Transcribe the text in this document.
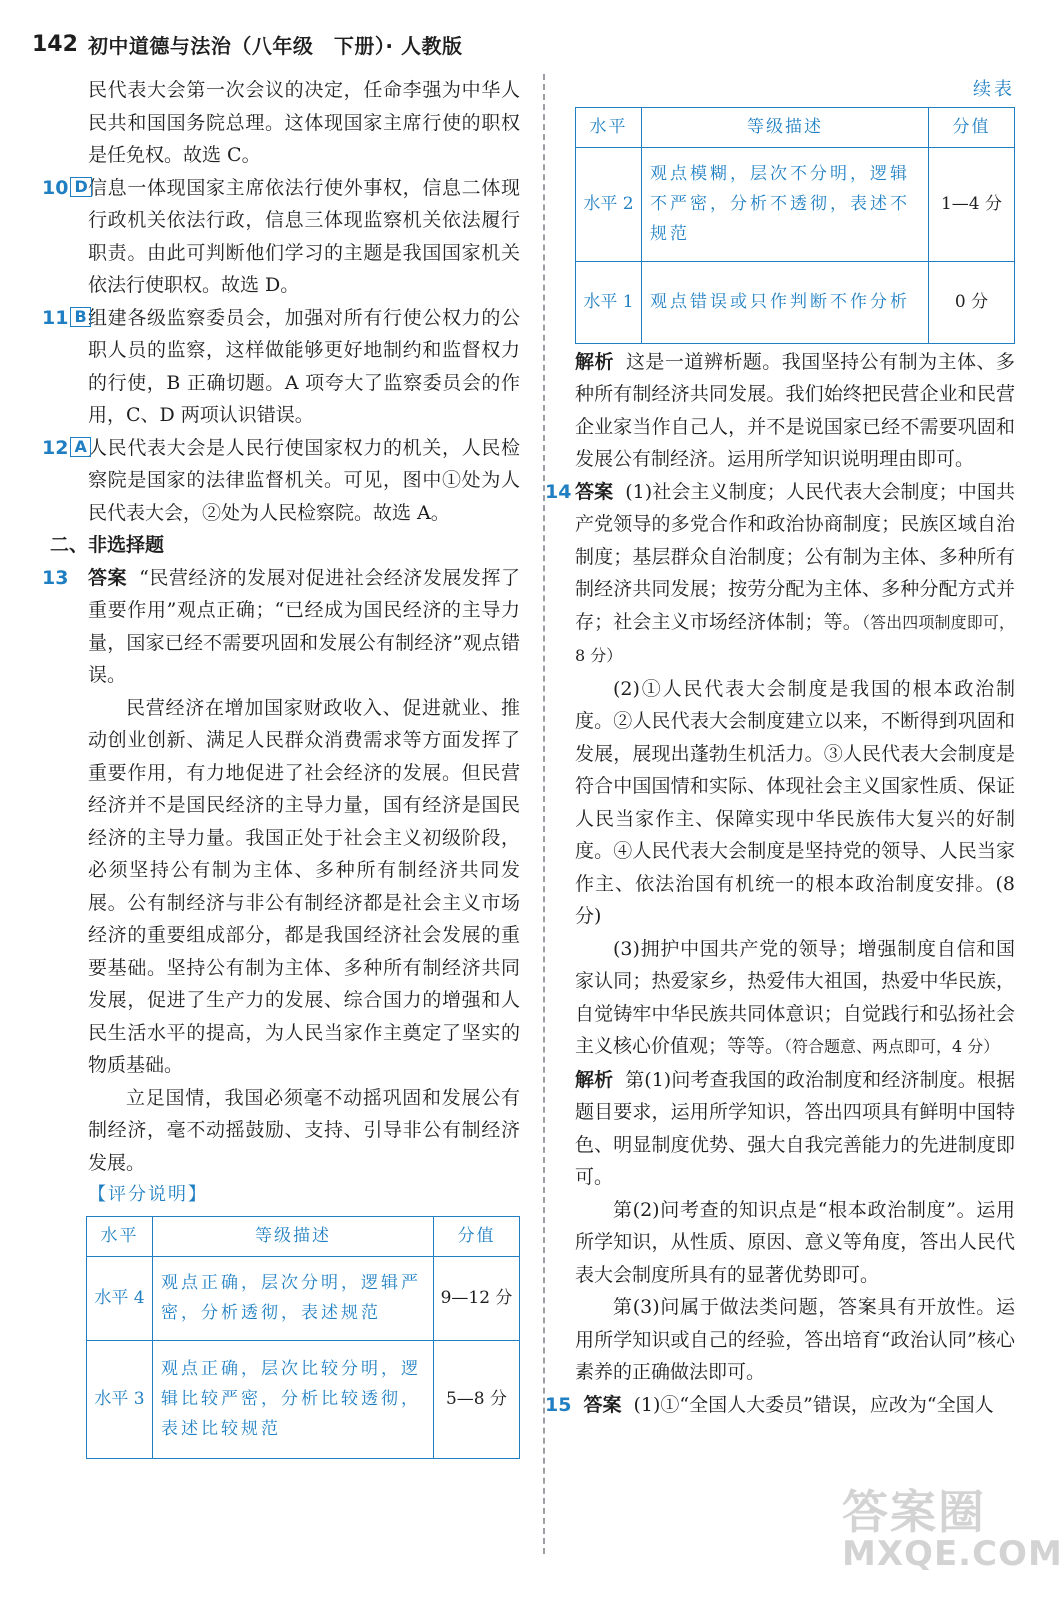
142 初中道德与法治（八年级　下册）· 人教版

民代表大会第一次会议的决定，任命李强为中华人民共和国国务院总理。这体现国家主席行使的职权是任免权。故选 C。

10 D 信息一体现国家主席依法行使外事权，信息二体现行政机关依法行政，信息三体现监察机关依法履行职责。由此可判断他们学习的主题是我国国家机关依法行使职权。故选 D。
11 B 组建各级监察委员会，加强对所有行使公权力的公职人员的监察，这样做能够更好地制约和监督权力的行使，B 正确切题。A 项夸大了监察委员会的作用，C、D 两项认识错误。
12 A 人民代表大会是人民行使国家权力的机关，人民检察院是国家的法律监督机关。可见，图中①处为人民代表大会，②处为人民检察院。故选 A。
二、非选择题
13 答案 “民营经济的发展对促进社会经济发展发挥了重要作用”观点正确；“已经成为国民经济的主导力量，国家已经不需要巩固和发展公有制经济”观点错误。

民营经济在增加国家财政收入、促进就业、推动创业创新、满足人民群众消费需求等方面发挥了重要作用，有力地促进了社会经济的发展。但民营经济并不是国民经济的主导力量，国有经济是国民经济的主导力量。我国正处于社会主义初级阶段，必须坚持公有制为主体、多种所有制经济共同发展。公有制经济与非公有制经济都是社会主义市场经济的重要组成部分，都是我国经济社会发展的重要基础。坚持公有制为主体、多种所有制经济共同发展，促进了生产力的发展、综合国力的增强和人民生活水平的提高，为人民当家作主奠定了坚实的物质基础。

立足国情，我国必须毫不动摇巩固和发展公有制经济，毫不动摇鼓励、支持、引导非公有制经济发展。

【评分说明】
水平	等级描述	分值
水平 4	观点正确，层次分明，逻辑严密，分析透彻，表述规范	9—12 分
水平 3	观点正确，层次比较分明，逻辑比较严密，分析比较透彻，表述比较规范	5—8 分
续表
水平	等级描述	分值
水平 2	观点模糊，层次不分明，逻辑不严密，分析不透彻，表述不规范	1—4 分
水平 1	观点错误或只作判断不作分析	0 分
解析 这是一道辨析题。我国坚持公有制为主体、多种所有制经济共同发展。我们始终把民营企业和民营企业家当作自己人，并不是说国家已经不需要巩固和发展公有制经济。运用所学知识说明理由即可。
14 答案 (1)社会主义制度；人民代表大会制度；中国共产党领导的多党合作和政治协商制度；民族区域自治制度；基层群众自治制度；公有制为主体、多种所有制经济共同发展；按劳分配为主体、多种分配方式并存；社会主义市场经济体制；等。（答出四项制度即可，8 分）

(2)①人民代表大会制度是我国的根本政治制度。②人民代表大会制度建立以来，不断得到巩固和发展，展现出蓬勃生机活力。③人民代表大会制度是符合中国国情和实际、体现社会主义国家性质、保证人民当家作主、保障实现中华民族伟大复兴的好制度。④人民代表大会制度是坚持党的领导、人民当家作主、依法治国有机统一的根本政治制度安排。(8 分)

(3)拥护中国共产党的领导；增强制度自信和国家认同；热爱家乡，热爱伟大祖国，热爱中华民族，自觉铸牢中华民族共同体意识；自觉践行和弘扬社会主义核心价值观；等等。（符合题意、两点即可，4 分）

解析 第(1)问考查我国的政治制度和经济制度。根据题目要求，运用所学知识，答出四项具有鲜明中国特色、明显制度优势、强大自我完善能力的先进制度即可。

第(2)问考查的知识点是“根本政治制度”。运用所学知识，从性质、原因、意义等角度，答出人民代表大会制度所具有的显著优势即可。

第(3)问属于做法类问题，答案具有开放性。运用所学知识或自己的经验，答出培育“政治认同”核心素养的正确做法即可。

15 答案 (1)①“全国人大委员”错误，应改为“全国人
答案圈
MXQE.COM
